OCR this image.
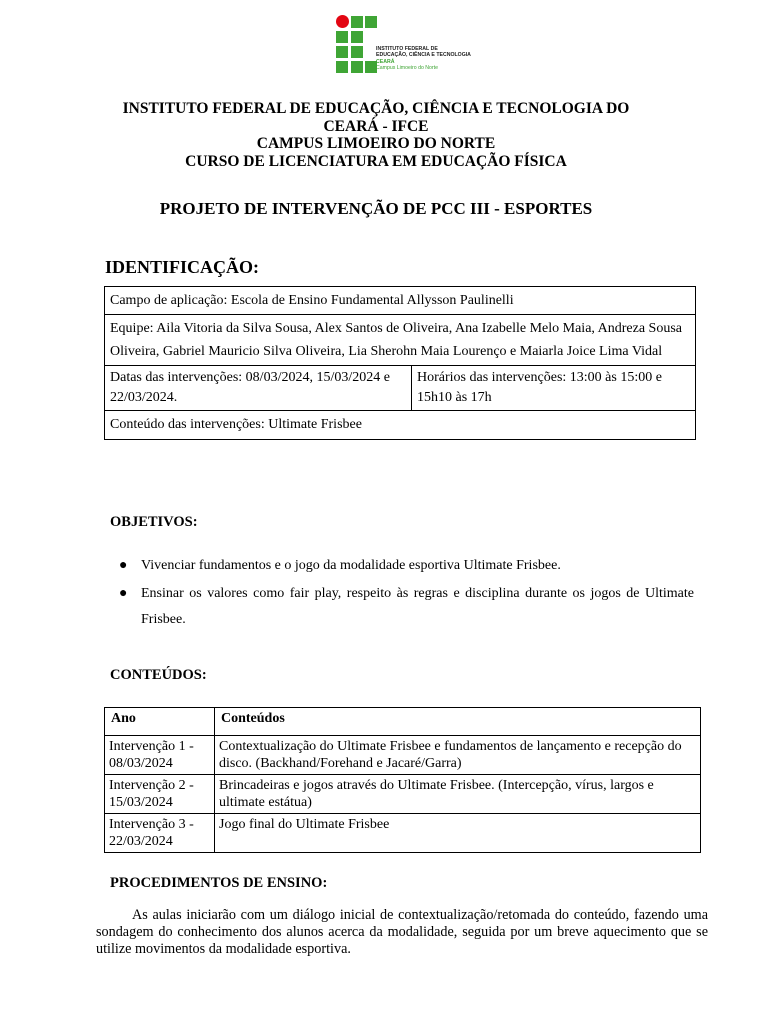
INSTITUTO FEDERAL DE
EDUCAÇÃO, CIÊNCIA E TECNOLOGIA
CEARÁ
Campus Limoeiro do Norte
INSTITUTO FEDERAL DE EDUCAÇÃO, CIÊNCIA E TECNOLOGIA DO
CEARÁ - IFCE
CAMPUS LIMOEIRO DO NORTE
CURSO DE LICENCIATURA EM EDUCAÇÃO FÍSICA
PROJETO DE INTERVENÇÃO DE PCC III - ESPORTES
IDENTIFICAÇÃO:
Campo de aplicação: Escola de Ensino Fundamental Allysson Paulinelli
Equipe: Aila Vitoria da Silva Sousa, Alex Santos de Oliveira, Ana Izabelle Melo Maia, Andreza Sousa Oliveira, Gabriel Mauricio Silva Oliveira, Lia Sherohn Maia Lourenço e Maiarla Joice Lima Vidal
Datas das intervenções: 08/03/2024, 15/03/2024 e 22/03/2024.	Horários das intervenções: 13:00 às 15:00 e 15h10 às 17h
Conteúdo das intervenções: Ultimate Frisbee
OBJETIVOS:
● Vivenciar fundamentos e o jogo da modalidade esportiva Ultimate Frisbee.
● Ensinar os valores como fair play, respeito às regras e disciplina durante os jogos de Ultimate Frisbee.
CONTEÚDOS:
Ano	Conteúdos
Intervenção 1 - 08/03/2024	Contextualização do Ultimate Frisbee e fundamentos de lançamento e recepção do disco. (Backhand/Forehand e Jacaré/Garra)
Intervenção 2 - 15/03/2024	Brincadeiras e jogos através do Ultimate Frisbee. (Intercepção, vírus, largos e ultimate estátua)
Intervenção 3 - 22/03/2024	Jogo final do Ultimate Frisbee
PROCEDIMENTOS DE ENSINO:
As aulas iniciarão com um diálogo inicial de contextualização/retomada do conteúdo, fazendo uma sondagem do conhecimento dos alunos acerca da modalidade, seguida por um breve aquecimento que se utilize movimentos da modalidade esportiva.
